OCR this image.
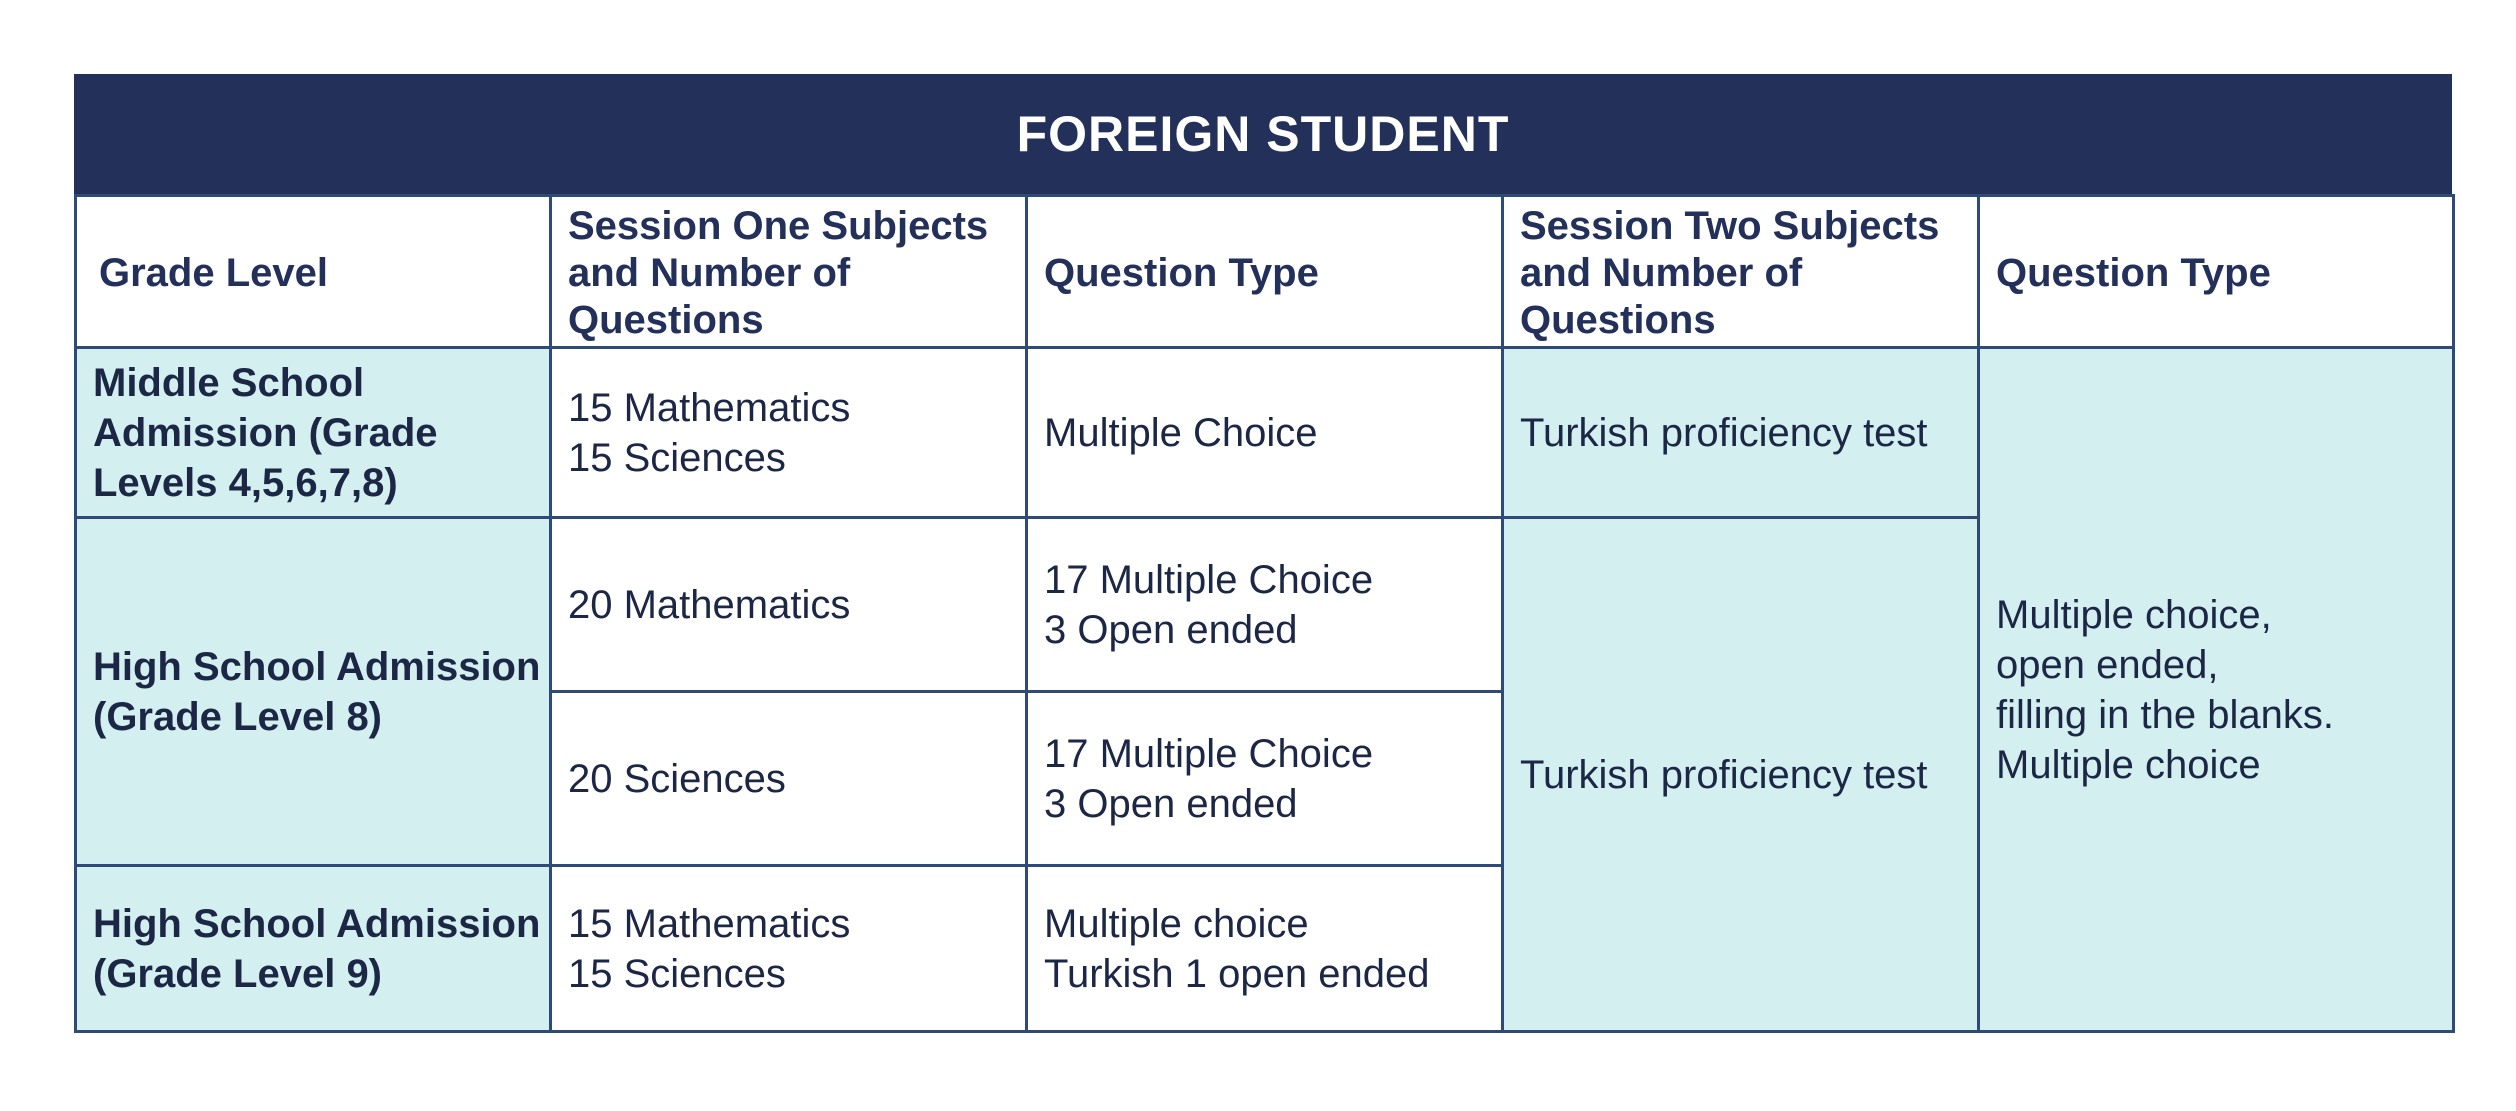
FOREIGN STUDENT
Grade Level	Session One Subjects and Number of Questions	Question Type	Session Two Subjects and Number of Questions	Question Type

Middle School
Admission (Grade
Levels 4,5,6,7,8)	15 Mathematics
15 Sciences	Multiple Choice	Turkish proficiency test	Multiple choice,
open ended,
filling in the blanks.
Multiple choice

High School Admission
(Grade Level 8)	20 Mathematics	17 Multiple Choice
3 Open ended	Turkish proficiency test	

	20 Sciences	17 Multiple Choice
3 Open ended		

High School Admission
(Grade Level 9)	15 Mathematics
15 Sciences	Multiple choice
Turkish 1 open ended		
